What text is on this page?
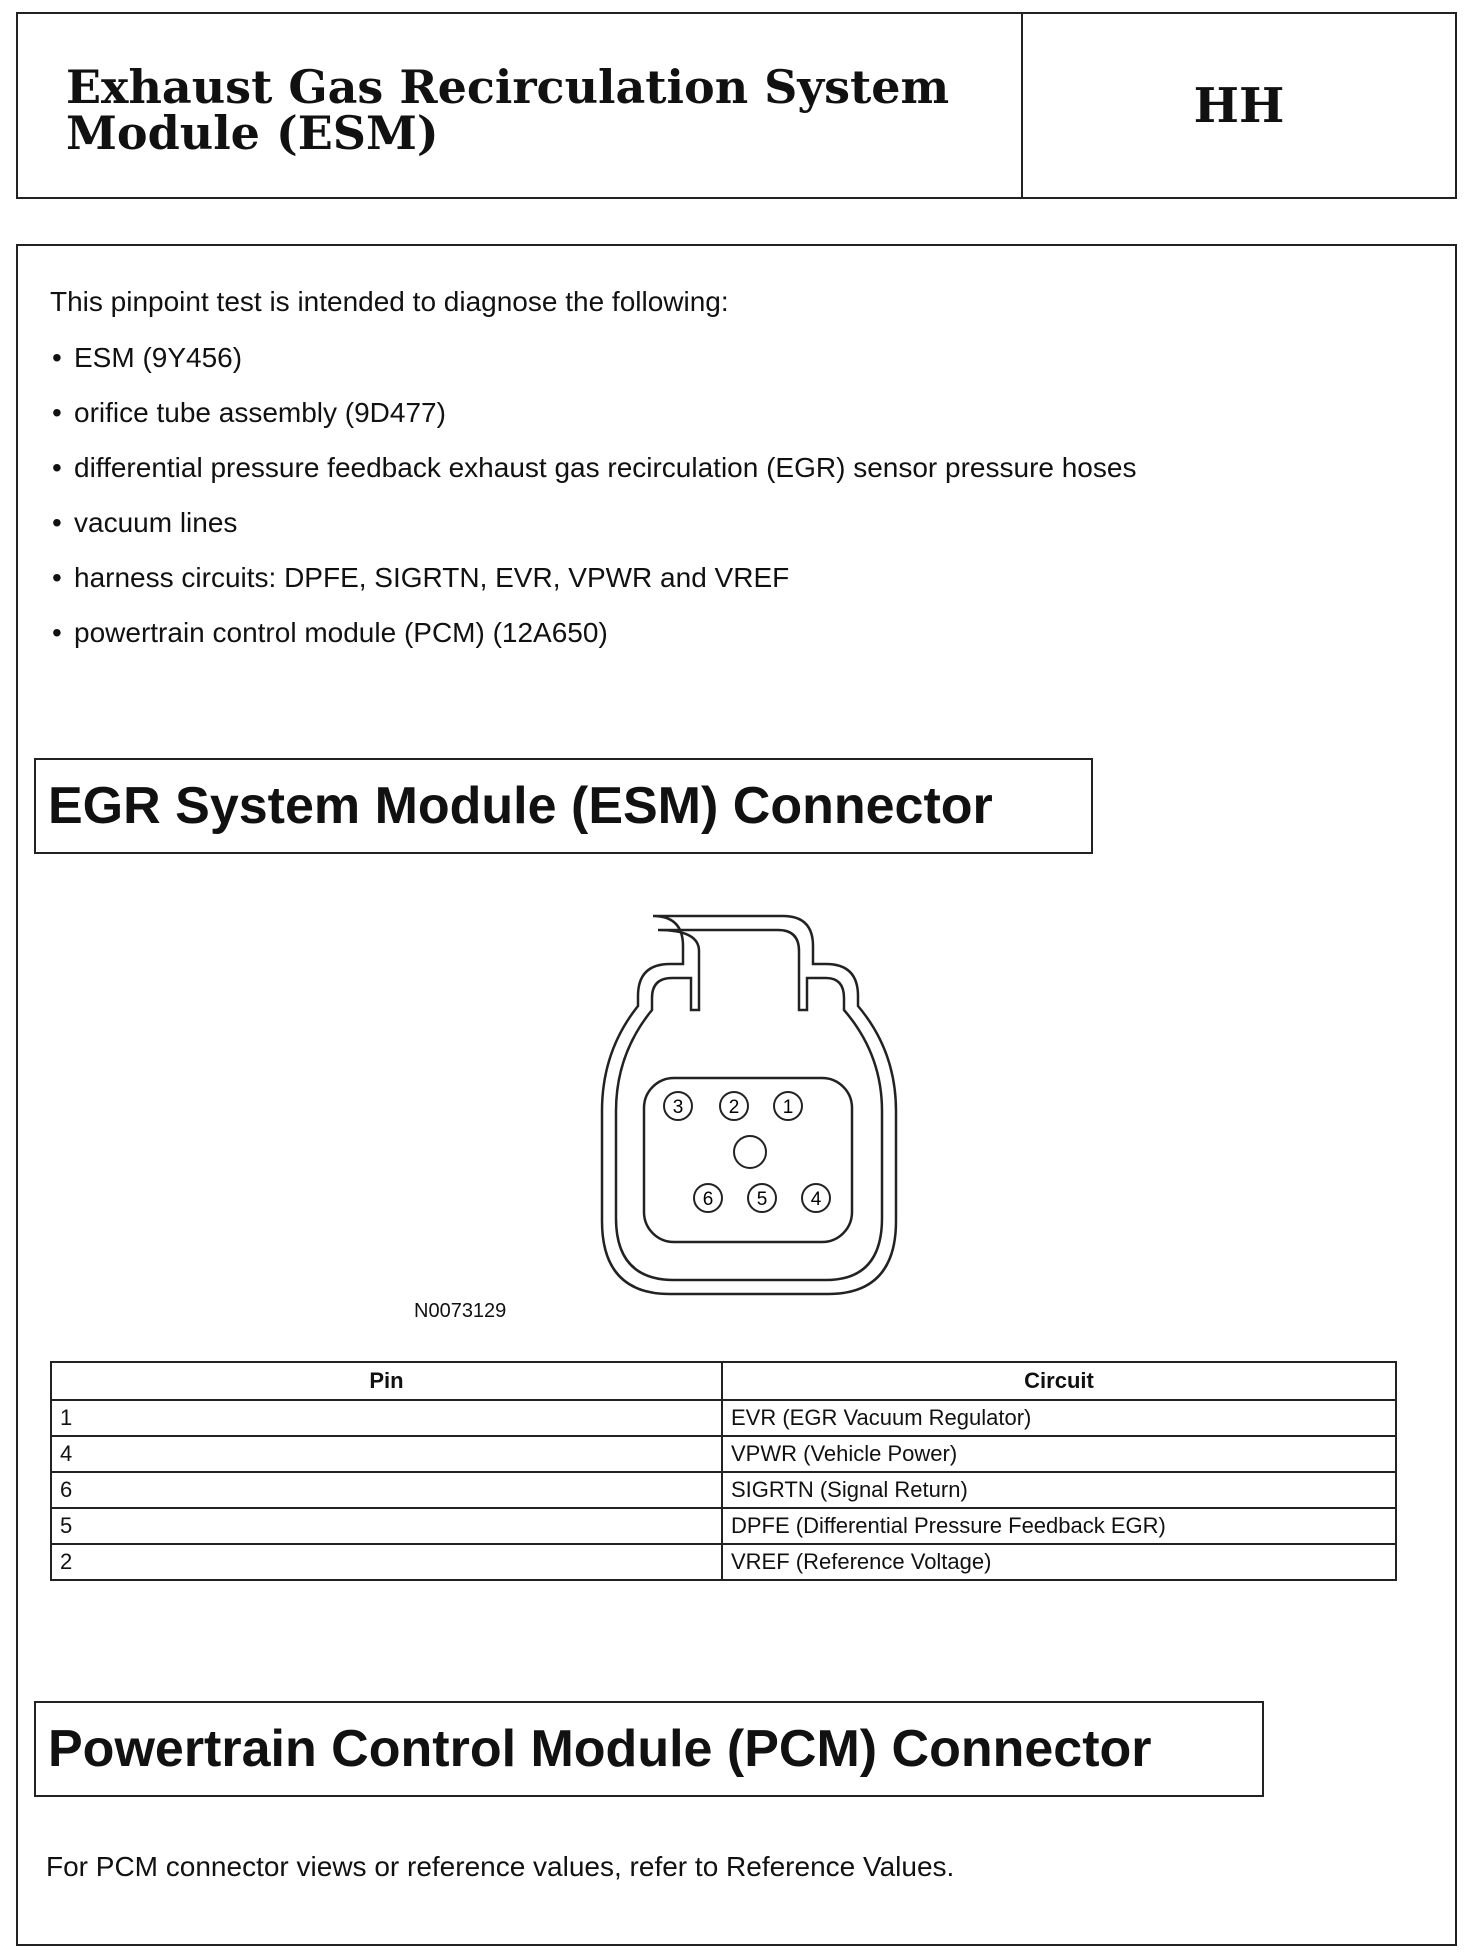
Exhaust Gas Recirculation System
Module (ESM)	HH
This pinpoint test is intended to diagnose the following:
• ESM (9Y456)
• orifice tube assembly (9D477)
• differential pressure feedback exhaust gas recirculation (EGR) sensor pressure hoses
• vacuum lines
• harness circuits: DPFE, SIGRTN, EVR, VPWR and VREF
• powertrain control module (PCM) (12A650)
EGR System Module (ESM) Connector
3 2 1
6 5 4
N0073129
Pin	Circuit
1	EVR (EGR Vacuum Regulator)
4	VPWR (Vehicle Power)
6	SIGRTN (Signal Return)
5	DPFE (Differential Pressure Feedback EGR)
2	VREF (Reference Voltage)
Powertrain Control Module (PCM) Connector
For PCM connector views or reference values, refer to Reference Values.
